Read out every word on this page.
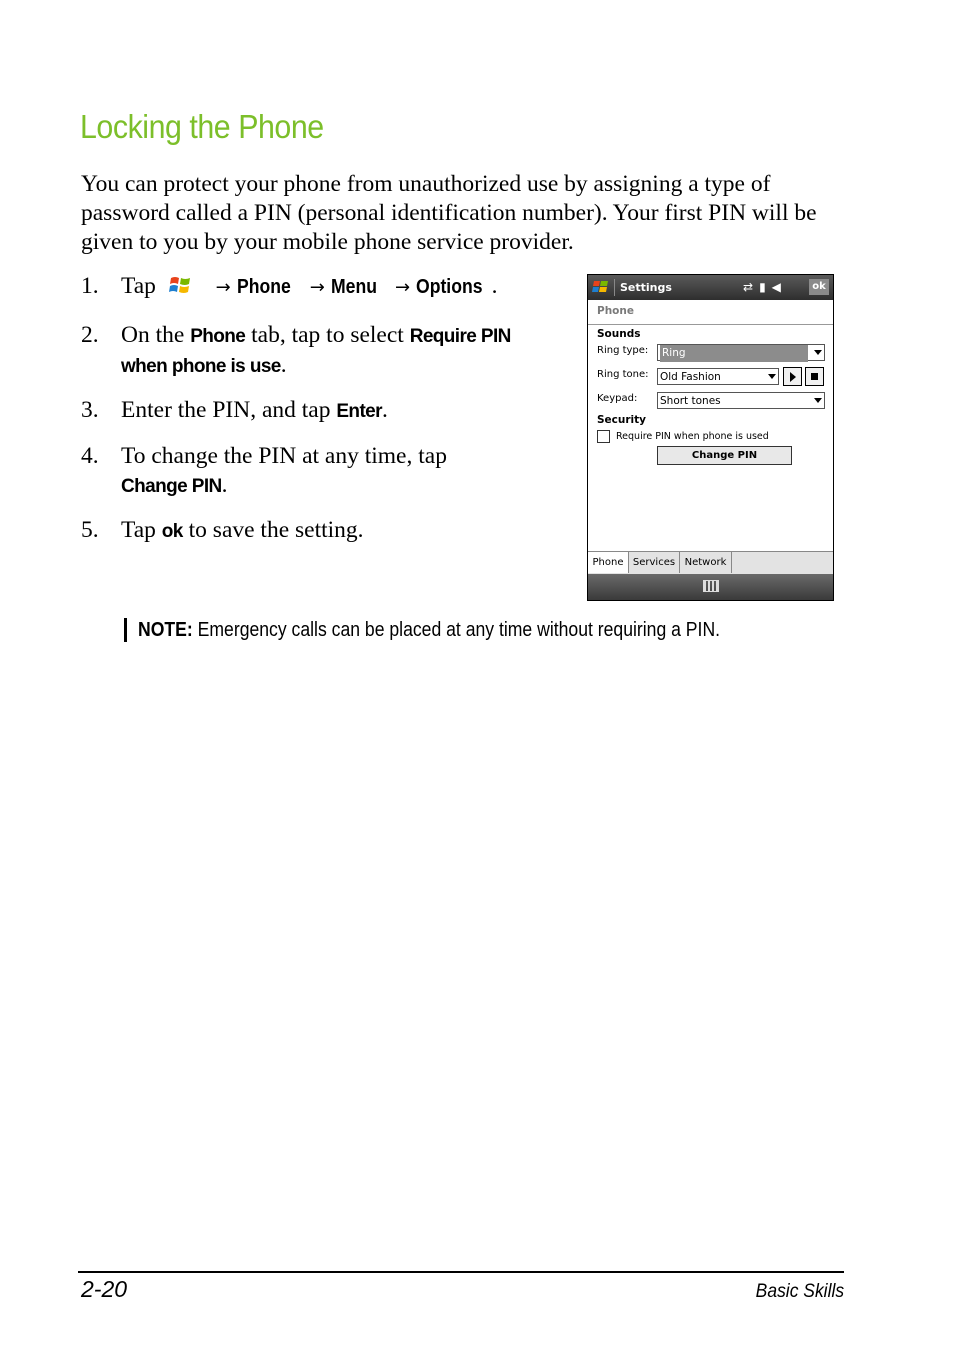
Locking the Phone

You can protect your phone from unauthorized use by assigning a type of password called a PIN (personal identification number). Your first PIN will be given to you by your mobile phone service provider.

1. Tap	→ Phone → Menu → Options .
2. On the Phone tab, tap to select Require PIN when phone is use.
3. Enter the PIN, and tap Enter.
4. To change the PIN at any time, tap
Change PIN.
5. Tap ok to save the setting.
Settings	⇄▮◀	ok
Phone
Sounds
Ring type: Ring
Ring tone: Old Fashion
Keypad: Short tones
Security
Require PIN when phone is used
Change PIN
Phone Services Network
NOTE: Emergency calls can be placed at any time without requiring a PIN.
2-20	Basic Skills
